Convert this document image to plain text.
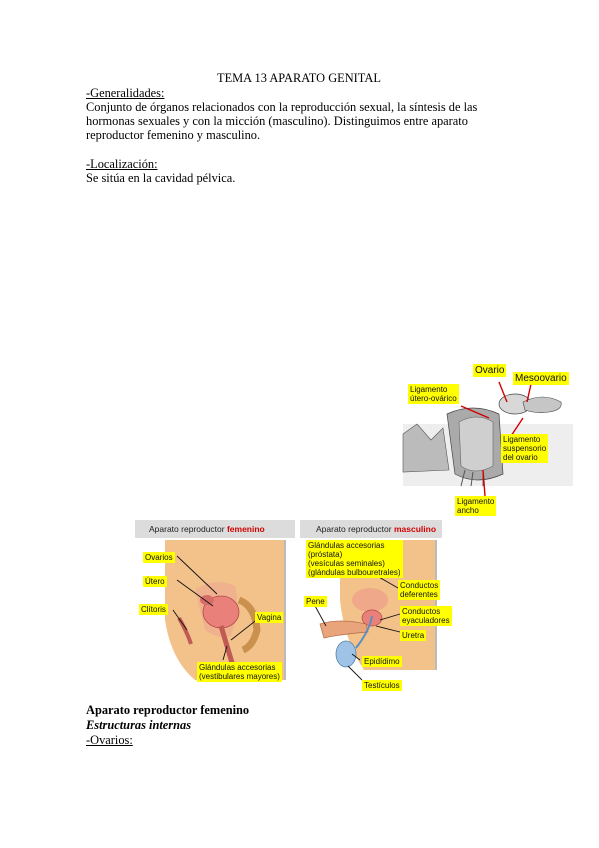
TEMA 13 APARATO GENITAL
-Generalidades:
Conjunto de órganos relacionados con la reproducción sexual, la síntesis de las
hormonas sexuales y con la micción (masculino). Distinguimos entre aparato
reproductor femenino y masculino.
-Localización:
Se sitúa en la cavidad pélvica.
Ovario
Mesoovario
Ligamento
útero-ovárico
Ligamento
suspensorio
del ovario
Ligamento
ancho
Aparato reproductor femenino
Ovarios
Útero
Clítoris
Vagina
Glándulas accesorias
(vestibulares mayores)
Aparato reproductor masculino
Glándulas accesorias
(próstata)
(vesículas seminales)
(glándulas bulbouretrales)
Conductos
deferentes
Pene
Conductos
eyaculadores
Uretra
Epidídimo
Testículos
Aparato reproductor femenino
Estructuras internas
-Ovarios:
